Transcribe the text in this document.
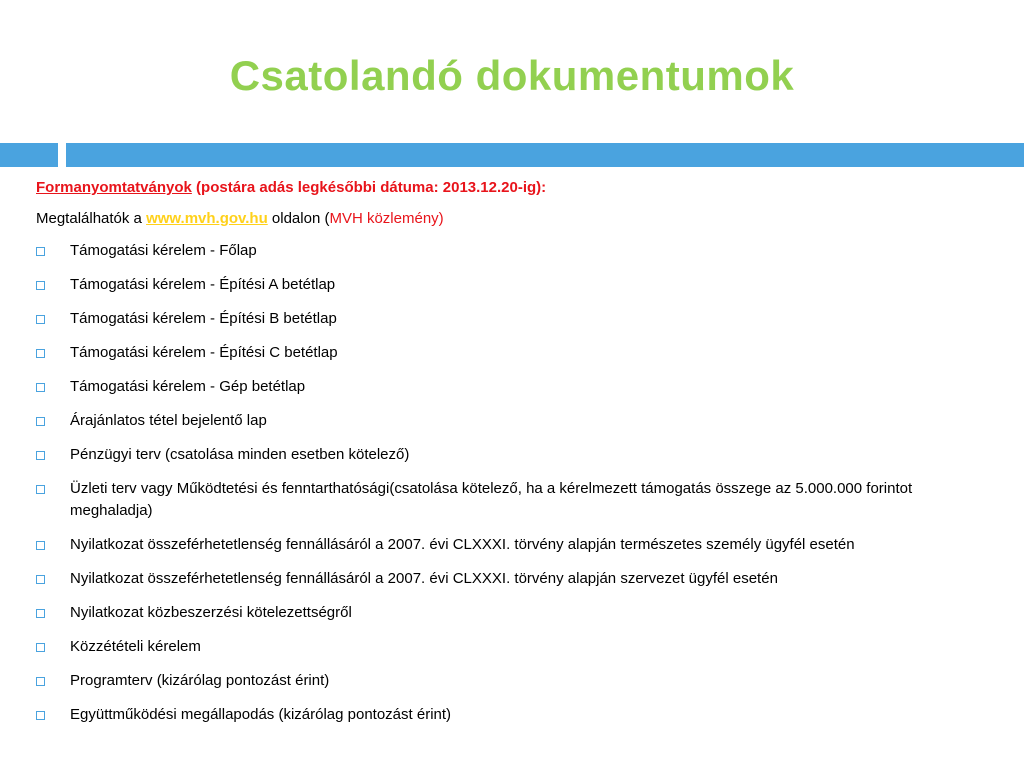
Csatolandó dokumentumok
Formanyomtatványok (postára adás legkésőbbi dátuma: 2013.12.20-ig):
Megtalálhatók a www.mvh.gov.hu oldalon (MVH közlemény)
Támogatási kérelem - Főlap
Támogatási kérelem - Építési A betétlap
Támogatási kérelem - Építési B betétlap
Támogatási kérelem - Építési C betétlap
Támogatási kérelem - Gép betétlap
Árajánlatos tétel bejelentő lap
Pénzügyi terv (csatolása minden esetben kötelező)
Üzleti terv vagy Működtetési és fenntarthatósági(csatolása kötelező, ha a kérelmezett támogatás összege az 5.000.000 forintot meghaladja)
Nyilatkozat összeférhetetlenség fennállásáról a 2007. évi CLXXXI. törvény alapján természetes személy ügyfél esetén
Nyilatkozat összeférhetetlenség fennállásáról a 2007. évi CLXXXI. törvény alapján szervezet ügyfél esetén
Nyilatkozat közbeszerzési kötelezettségről
Közzétételi kérelem
Programterv (kizárólag pontozást érint)
Együttműködési megállapodás (kizárólag pontozást érint)
